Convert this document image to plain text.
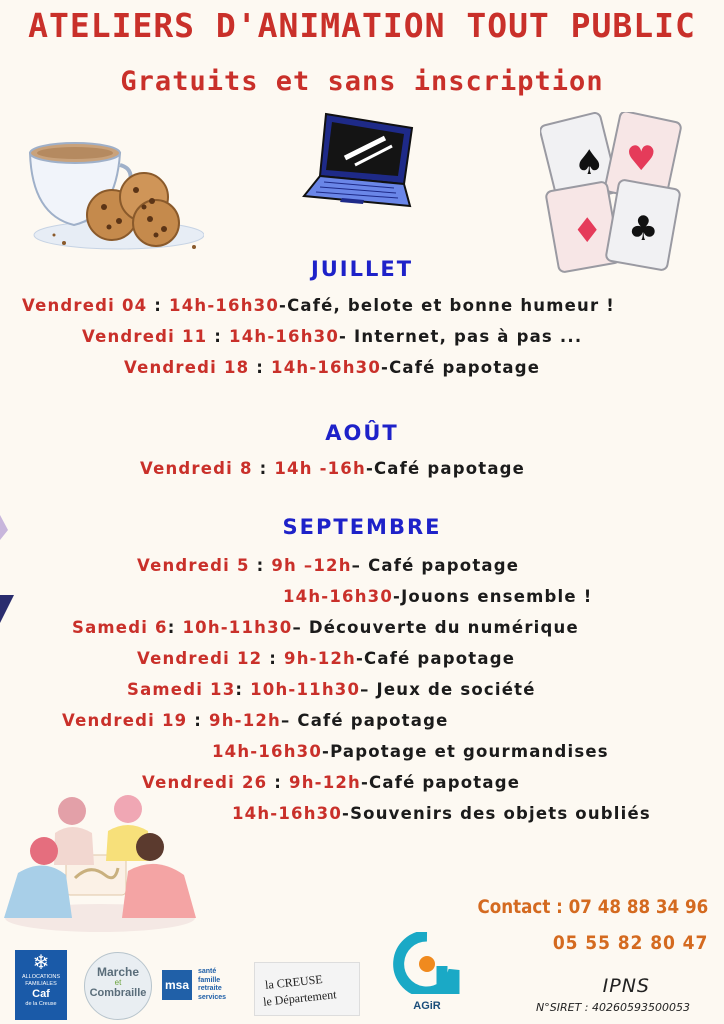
ATELIERS D'ANIMATION TOUT PUBLIC
Gratuits et sans inscription
♠ ♥
♦ ♣
JUILLET
Vendredi 04 : 14h-16h30-Café, belote et bonne humeur !
Vendredi 11 : 14h-16h30- Internet, pas à pas ...
Vendredi 18 : 14h-16h30-Café papotage
AOÛT
Vendredi 8 : 14h -16h-Café papotage
SEPTEMBRE
Vendredi 5 : 9h –12h– Café papotage
14h-16h30-Jouons ensemble !
Samedi 6: 10h-11h30– Découverte du numérique
Vendredi 12 : 9h-12h-Café papotage
Samedi 13: 10h-11h30– Jeux de société
Vendredi 19 : 9h-12h– Café papotage
14h-16h30-Papotage et gourmandises
Vendredi 26 : 9h-12h-Café papotage
14h-16h30-Souvenirs des objets oubliés
Contact : 07 48 88 34 96
05 55 82 80 47
IPNS
N°SIRET : 40260593500053
❄
ALLOCATIONS
FAMILIALES
Caf
de la Creuse
Marche
et
Combraille
msa
santé
famille
retraite
services
la CREUSE
le Département	AGiR
